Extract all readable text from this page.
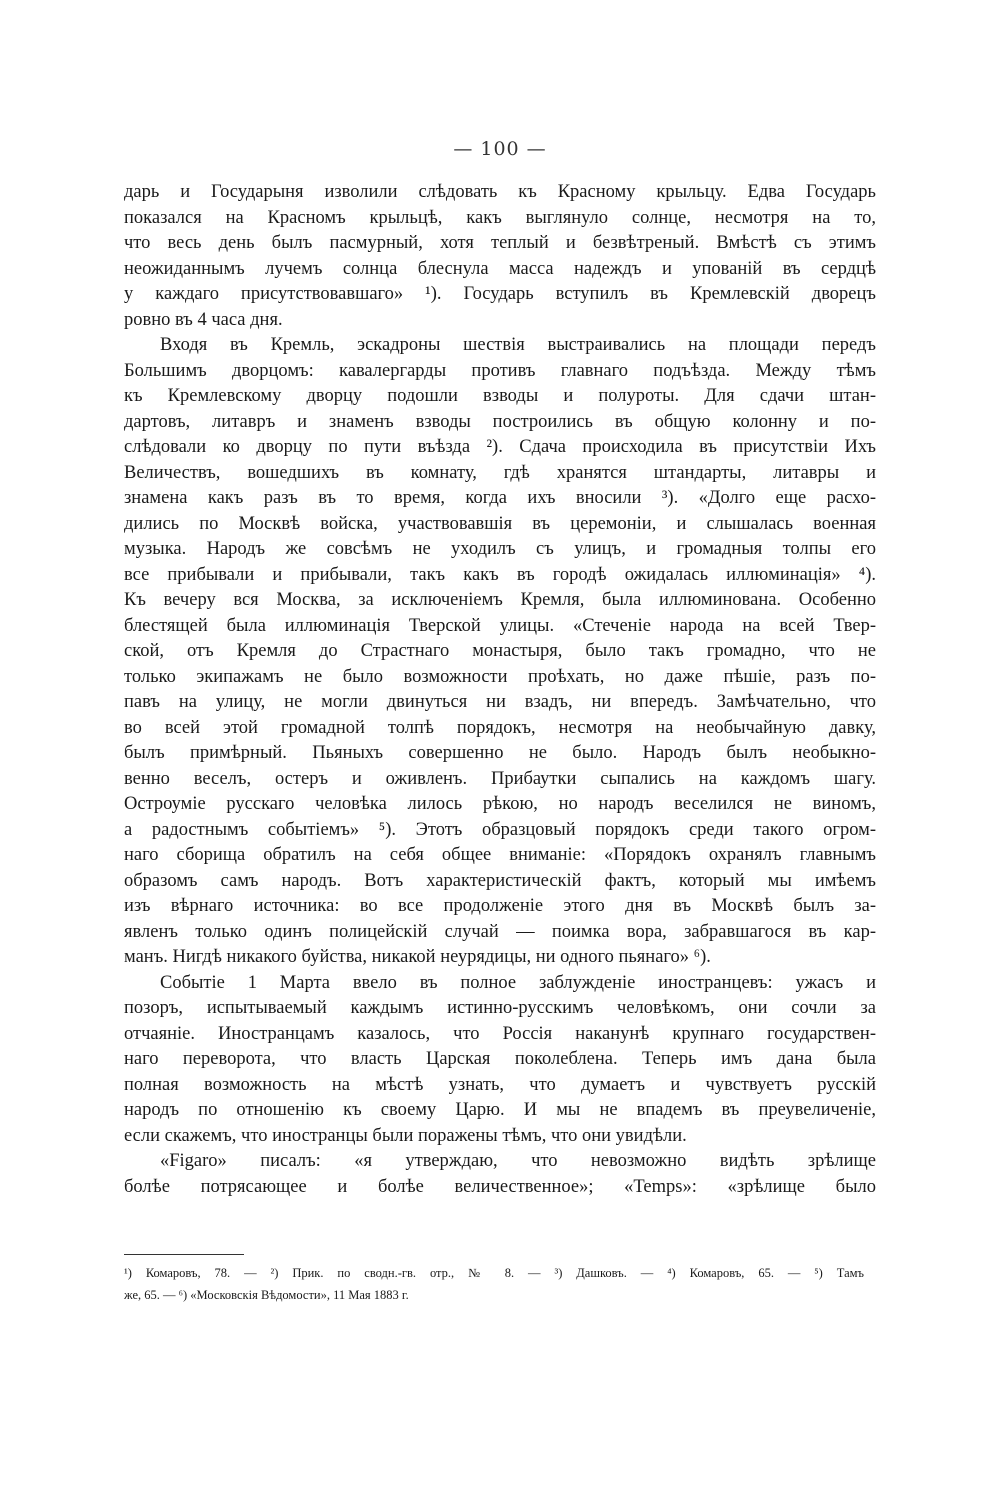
— 100 —
дарь и Государыня изволили слѣдовать къ Красному крыльцу. Едва Государь
показался на Красномъ крыльцѣ, какъ выглянуло солнце, несмотря на то,
что весь день былъ пасмурный, хотя теплый и безвѣтреный. Вмѣстѣ съ этимъ
неожиданнымъ лучемъ солнца блеснула масса надеждъ и упованій въ сердцѣ
у каждаго присутствовавшаго» ¹). Государь вступилъ въ Кремлевскій дворецъ
ровно въ 4 часа дня.
Входя въ Кремль, эскадроны шествія выстраивались на площади передъ
Большимъ дворцомъ: кавалергарды противъ главнаго подъѣзда. Между тѣмъ
къ Кремлевскому дворцу подошли взводы и полуроты. Для сдачи штан-
дартовъ, литавръ и знаменъ взводы построились въ общую колонну и по-
слѣдовали ко дворцу по пути въѣзда ²). Сдача происходила въ присутствіи Ихъ
Величествъ, вошедшихъ въ комнату, гдѣ хранятся штандарты, литавры и
знамена какъ разъ въ то время, когда ихъ вносили ³). «Долго еще расхо-
дились по Москвѣ войска, участвовавшія въ церемоніи, и слышалась военная
музыка. Народъ же совсѣмъ не уходилъ съ улицъ, и громадныя толпы его
все прибывали и прибывали, такъ какъ въ городѣ ожидалась иллюминація» ⁴).
Къ вечеру вся Москва, за исключеніемъ Кремля, была иллюминована. Особенно
блестящей была иллюминація Тверской улицы. «Стеченіе народа на всей Твер-
ской, отъ Кремля до Страстнаго монастыря, было такъ громадно, что не
только экипажамъ не было возможности проѣхать, но даже пѣшіе, разъ по-
павъ на улицу, не могли двинуться ни взадъ, ни впередъ. Замѣчательно, что
во всей этой громадной толпѣ порядокъ, несмотря на необычайную давку,
былъ примѣрный. Пьяныхъ совершенно не было. Народъ былъ необыкно-
венно веселъ, остеръ и оживленъ. Прибаутки сыпались на каждомъ шагу.
Остроуміе русскаго человѣка лилось рѣкою, но народъ веселился не виномъ,
а радостнымъ событіемъ» ⁵). Этотъ образцовый порядокъ среди такого огром-
наго сборища обратилъ на себя общее вниманіе: «Порядокъ охранялъ главнымъ
образомъ самъ народъ. Вотъ характеристическій фактъ, который мы имѣемъ
изъ вѣрнаго источника: во все продолженіе этого дня въ Москвѣ былъ за-
явленъ только одинъ полицейскій случай — поимка вора, забравшагося въ кар-
манъ. Нигдѣ никакого буйства, никакой неурядицы, ни одного пьянаго» ⁶).
Событіе 1 Марта ввело въ полное заблужденіе иностранцевъ: ужасъ и
позоръ, испытываемый каждымъ истинно-русскимъ человѣкомъ, они сочли за
отчаяніе. Иностранцамъ казалось, что Россія наканунѣ крупнаго государствен-
наго переворота, что власть Царская поколеблена. Теперь имъ дана была
полная возможность на мѣстѣ узнать, что думаетъ и чувствуетъ русскій
народъ по отношенію къ своему Царю. И мы не впадемъ въ преувеличеніе,
если скажемъ, что иностранцы были поражены тѣмъ, что они увидѣли.
«Figaro» писалъ: «я утверждаю, что невозможно видѣть зрѣлище
болѣе потрясающее и болѣе величественное»; «Temps»: «зрѣлище было
¹) Комаровъ, 78. — ²) Прик. по сводн.-гв. отр., № 8. — ³) Дашковъ. — ⁴) Комаровъ, 65. — ⁵) Тамъ
же, 65. — ⁶) «Московскія Вѣдомости», 11 Мая 1883 г.
